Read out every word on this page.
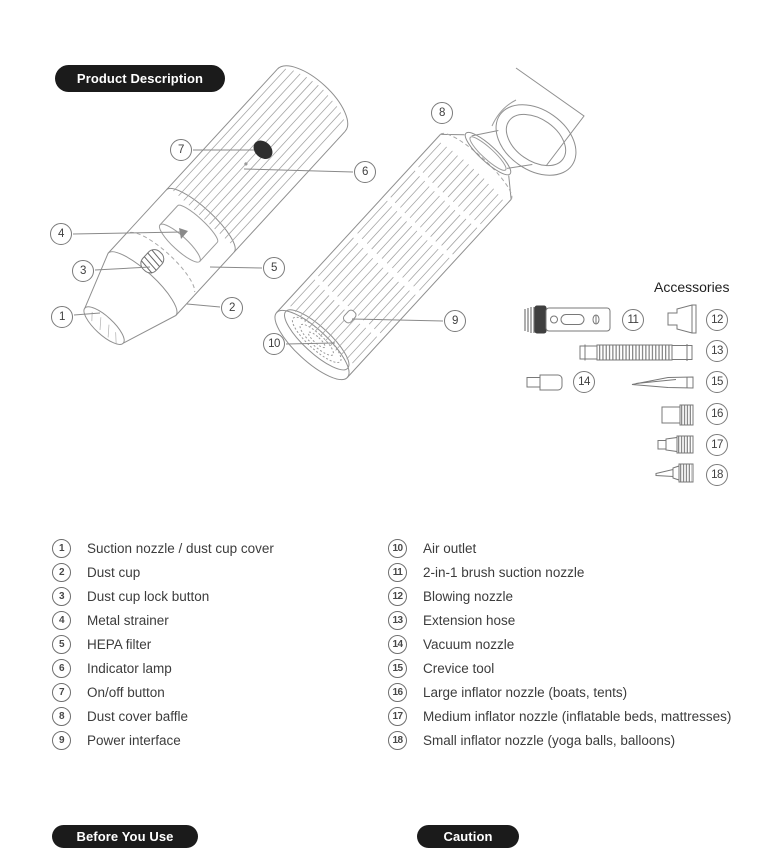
Product Description
Before You Use	Caution
Accessories
1
2
3
4
5
6
7
8
9
10
11	12
13
14	15
16
17
18
1	Suction nozzle / dust cup cover
2	Dust cup
3	Dust cup lock button
4	Metal strainer
5	HEPA filter
6	Indicator lamp
7	On/off button
8	Dust cover baffle
9	Power interface
10	Air outlet
11	2-in-1 brush suction nozzle
12	Blowing nozzle
13	Extension hose
14	Vacuum nozzle
15	Crevice tool
16	Large inflator nozzle (boats, tents)
17	Medium inflator nozzle (inflatable beds, mattresses)
18	Small inflator nozzle (yoga balls, balloons)
